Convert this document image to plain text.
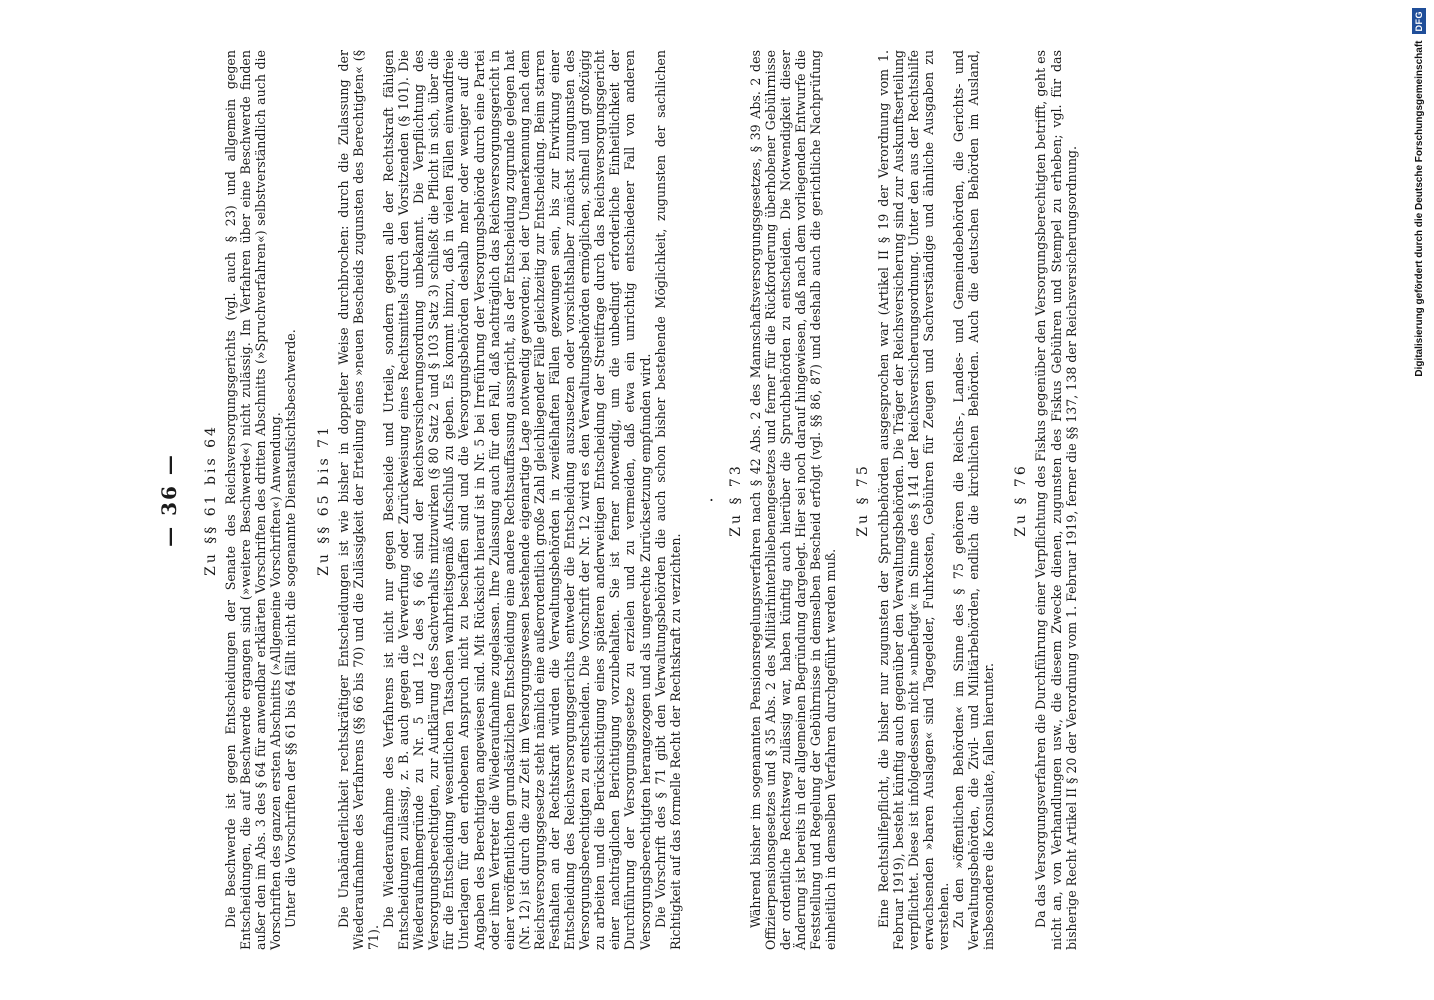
— 36 —	Zu §§ 61 bis 64 Die Beschwerde ist gegen Entscheidungen der Senate des Reichsversorgungsgerichts (vgl. auch § 23) und allgemein gegen Entscheidungen, die auf Beschwerde ergangen sind (»weitere Beschwerde«) nicht zulässig. Im Verfahren über eine Beschwerde finden außer den im Abs. 3 des § 64 für anwendbar erklärten Vorschriften des dritten Abschnitts (»Spruchverfahren«) selbstverständlich auch die Vorschriften des ganzen ersten Abschnitts (»Allgemeine Vorschriften«) Anwendung. Unter die Vorschriften der §§ 61 bis 64 fällt nicht die sogenannte Dienstaufsichtsbeschwerde. Zu §§ 65 bis 71 Die Unabänderlichkeit rechtskräftiger Entscheidungen ist wie bisher in doppelter Weise durchbrochen: durch die Zulassung der Wiederaufnahme des Verfahrens (§§ 66 bis 70) und die Zulässigkeit der Erteilung eines »neuen Bescheids zugunsten des Berechtigten« (§ 71).

Die Wiederaufnahme des Verfahrens ist nicht nur gegen Bescheide und Urteile, sondern gegen alle der Rechtskraft fähigen Entscheidungen zulässig, z. B. auch gegen die Verwerfung oder Zurückweisung eines Rechtsmittels durch den Vorsitzenden (§ 101). Die Wiederaufnahmegründe zu Nr. 5 und 12 des § 66 sind der Reichsversicherungsordnung unbekannt. Die Verpflichtung des Versorgungsberechtigten, zur Aufklärung des Sachverhalts mitzuwirken (§ 80 Satz 2 und § 103 Satz 3) schließt die Pflicht in sich, über die für die Entscheidung wesentlichen Tatsachen wahrheitsgemäß Aufschluß zu geben. Es kommt hinzu, daß in vielen Fällen einwandfreie Unterlagen für den erhobenen Anspruch nicht zu beschaffen sind und die Versorgungsbehörden deshalb mehr oder weniger auf die Angaben des Berechtigten angewiesen sind. Mit Rücksicht hierauf ist in Nr. 5 bei Irreführung der Versorgungsbehörde durch eine Partei oder ihren Vertreter die Wiederaufnahme zugelassen. Ihre Zulassung auch für den Fall, daß nachträglich das Reichsversorgungsgericht in einer veröffentlichten grundsätzlichen Entscheidung eine andere Rechtsauffassung ausspricht, als der Entscheidung zugrunde gelegen hat (Nr. 12) ist durch die zur Zeit im Versorgungswesen bestehende eigenartige Lage notwendig geworden; bei der Unanerkennung nach dem Reichsversorgungsgesetze steht nämlich eine außerordentlich große Zahl gleichliegender Fälle gleichzeitig zur Entscheidung. Beim starren Festhalten an der Rechtskraft würden die Verwaltungsbehörden in zweifelhaften Fällen gezwungen sein, bis zur Erwirkung einer Entscheidung des Reichsversorgungsgerichts entweder die Entscheidung auszusetzen oder vorsichtshalber zunächst zuungunsten des Versorgungsberechtigten zu entscheiden. Die Vorschrift der Nr. 12 wird es den Verwaltungsbehörden ermöglichen, schnell und großzügig zu arbeiten und die Berücksichtigung eines späteren anderweitigen Entscheidung der Streitfrage durch das Reichsversorgungsgericht einer nachträglichen Berichtigung vorzubehalten. Sie ist ferner notwendig, um die unbedingt erforderliche Einheitlichkeit der Durchführung der Versorgungsgesetze zu erzielen und zu vermeiden, daß etwa ein unrichtig entschiedener Fall von anderen Versorgungsberechtigten herangezogen und als ungerechte Zurücksetzung empfunden wird. Die Vorschrift des § 71 gibt den Verwaltungsbehörden die auch schon bisher bestehende Möglichkeit, zugunsten der sachlichen Richtigkeit auf das formelle Recht der Rechtskraft zu verzichten.

· Zu § 73 Während bisher im sogenannten Pensionsregelungsverfahren nach § 42 Abs. 2 des Mannschaftsversorgungsgesetzes, § 39 Abs. 2 des Offizierpensionsgesetzes und § 35 Abs. 2 des Militärhinterbliebenengesetzes und ferner für die Rückforderung überhobener Gebührnisse der ordentliche Rechtsweg zulässig war, haben künftig auch hierüber die Spruchbehörden zu entscheiden. Die Notwendigkeit dieser Änderung ist bereits in der allgemeinen Begründung dargelegt. Hier sei noch darauf hingewiesen, daß nach dem vorliegenden Entwurfe die Feststellung und Regelung der Gebührnisse in demselben Bescheid erfolgt (vgl. §§ 86, 87) und deshalb auch die gerichtliche Nachprüfung einheitlich in demselben Verfahren durchgeführt werden muß.

Zu § 75 Eine Rechtshilfepflicht, die bisher nur zugunsten der Spruchbehörden ausgesprochen war (Artikel II § 19 der Verordnung vom 1. Februar 1919), besteht künftig auch gegenüber den Verwaltungsbehörden. Die Träger der Reichsversicherung sind zur Auskunftserteilung verpflichtet. Diese ist infolgedessen nicht »unbefugt« im Sinne des § 141 der Reichsversicherungsordnung. Unter den aus der Rechtshilfe erwachsenden »baren Auslagen« sind Tagegelder, Fuhrkosten, Gebühren für Zeugen und Sachverständige und ähnliche Ausgaben zu verstehen. Zu den »öffentlichen Behörden« im Sinne des § 75 gehören die Reichs-, Landes- und Gemeindebehörden, die Gerichts- und Verwaltungsbehörden, die Zivil- und Militärbehörden, endlich die kirchlichen Behörden. Auch die deutschen Behörden im Ausland, insbesondere die Konsulate, fallen hierunter.

Zu § 76 Da das Versorgungsverfahren die Durchführung einer Verpflichtung des Fiskus gegenüber den Versorgungsberechtigten betrifft, geht es nicht an, von Verhandlungen usw., die diesem Zwecke dienen, zugunsten des Fiskus Gebühren und Stempel zu erheben; vgl. für das bisherige Recht Artikel II § 20 der Verordnung vom 1. Februar 1919, ferner die §§ 137, 138 der Reichsversicherungsordnung.	Digitalisierung gefördert durch die Deutsche Forschungsgemeinschaft
DFG
